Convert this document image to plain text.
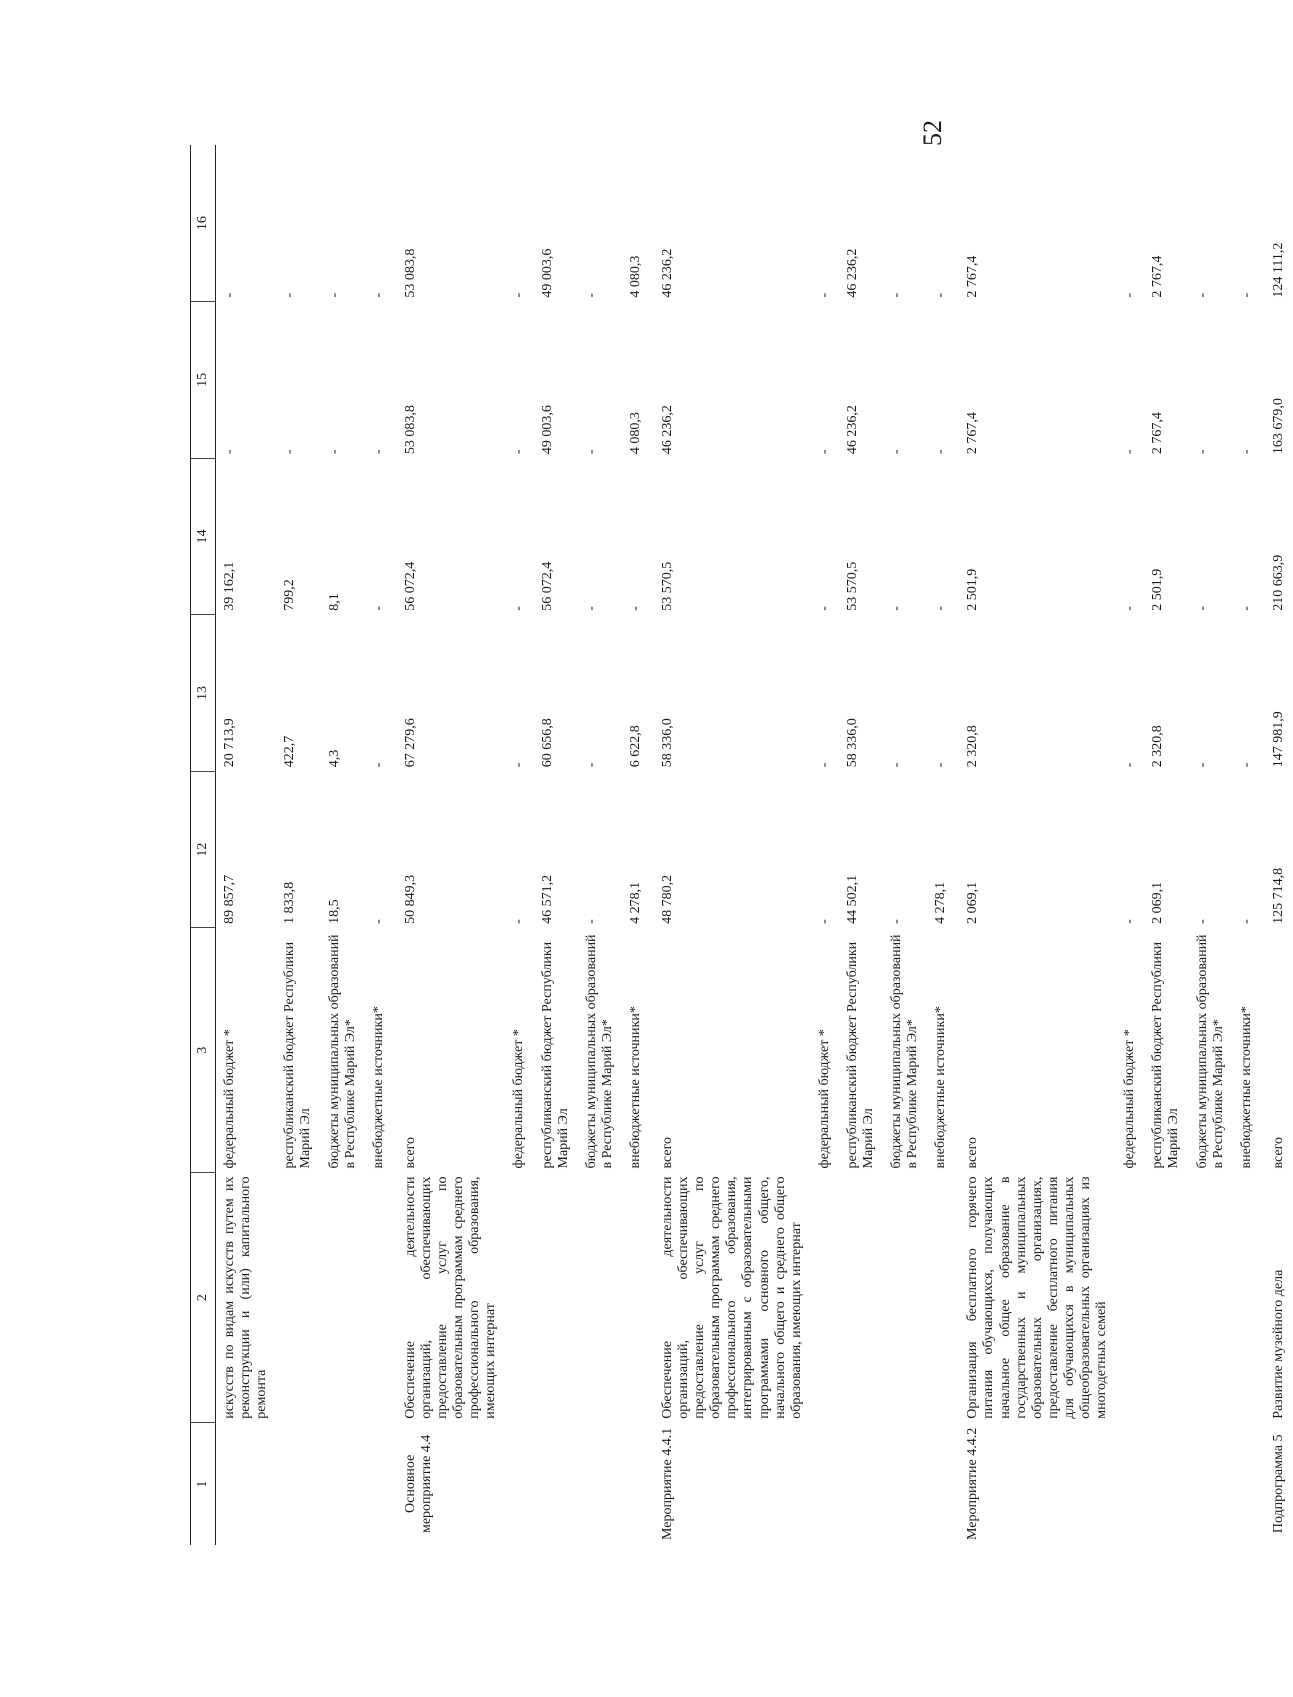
52
1	2	3	12	13	14	15	16
	искусств по видам искусств путем их реконструкции и (или) капитального ремонта	федеральный бюджет *	89 857,7	20 713,9	39 162,1	-	-
		республиканский бюджет Республики Марий Эл	1 833,8	422,7	799,2	-	-
		бюджеты муниципальных образований в Республике Марий Эл*	18,5	4,3	8,1	-	-
		внебюджетные источники*	-	-	-	-	-
Основное мероприятие 4.4	Обеспечение деятельности организаций, обеспечивающих предоставление услуг по образовательным программам среднего профессионального образования, имеющих интернат	всего	50 849,3	67 279,6	56 072,4	53 083,8	53 083,8
		федеральный бюджет *	-	-	-	-	-
		республиканский бюджет Республики Марий Эл	46 571,2	60 656,8	56 072,4	49 003,6	49 003,6
		бюджеты муниципальных образований в Республике Марий Эл*	-	-	-	-	-
		внебюджетные источники*	4 278,1	6 622,8	-	4 080,3	4 080,3
Мероприятие 4.4.1	Обеспечение деятельности организаций, обеспечивающих предоставление услуг по образовательным программам среднего профессионального образования, интегрированным с образовательными программами основного общего, начального общего и среднего общего образования, имеющих интернат	всего	48 780,2	58 336,0	53 570,5	46 236,2	46 236,2
		федеральный бюджет *	-	-	-	-	-
		республиканский бюджет Республики Марий Эл	44 502,1	58 336,0	53 570,5	46 236,2	46 236,2
		бюджеты муниципальных образований в Республике Марий Эл*	-	-	-	-	-
		внебюджетные источники*	4 278,1	-	-	-	-
Мероприятие 4.4.2	Организация бесплатного горячего питания обучающихся, получающих начальное общее образование в государственных и муниципальных образовательных организациях, предоставление бесплатного питания для обучающихся в муниципальных общеобразовательных организациях из многодетных семей	всего	2 069,1	2 320,8	2 501,9	2 767,4	2 767,4
		федеральный бюджет *	-	-	-	-	-
		республиканский бюджет Республики Марий Эл	2 069,1	2 320,8	2 501,9	2 767,4	2 767,4
		бюджеты муниципальных образований в Республике Марий Эл*	-	-	-	-	-
		внебюджетные источники*	-	-	-	-	-
Подпрограмма 5	Развитие музейного дела	всего	125 714,8	147 981,9	210 663,9	163 679,0	124 111,2
